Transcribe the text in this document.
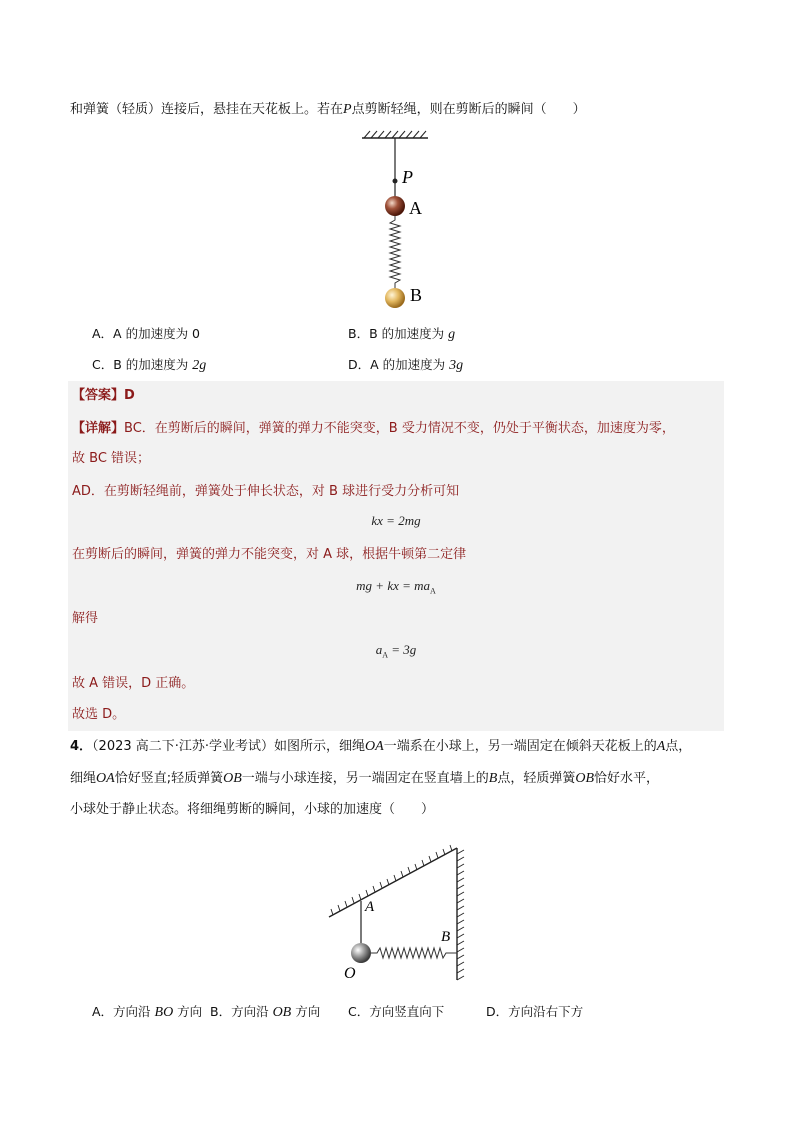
和弹簧（轻质）连接后，悬挂在天花板上。若在P点剪断轻绳，则在剪断后的瞬间（　　）
P
A
B
A．A 的加速度为 0	B．B 的加速度为 g
C．B 的加速度为 2g	D．A 的加速度为 3g
【答案】D
【详解】BC．在剪断后的瞬间，弹簧的弹力不能突变，B 受力情况不变，仍处于平衡状态，加速度为零，
故 BC 错误；
AD．在剪断轻绳前，弹簧处于伸长状态，对 B 球进行受力分析可知
kx = 2mg
在剪断后的瞬间，弹簧的弹力不能突变，对 A 球，根据牛顿第二定律
mg + kx = $ma_A$
解得
$a_A = 3g$
故 A 错误，D 正确。
故选 D。
4．（2023 高二下·江苏·学业考试）如图所示，细绳OA一端系在小球上，另一端固定在倾斜天花板上的A点，
细绳OA恰好竖直;轻质弹簧OB一端与小球连接，另一端固定在竖直墙上的B点，轻质弹簧OB恰好水平，
小球处于静止状态。将细绳剪断的瞬间，小球的加速度（　　）
A
B
O
A．方向沿 BO 方向 B．方向沿 OB 方向 C．方向竖直向下	D．方向沿右下方
